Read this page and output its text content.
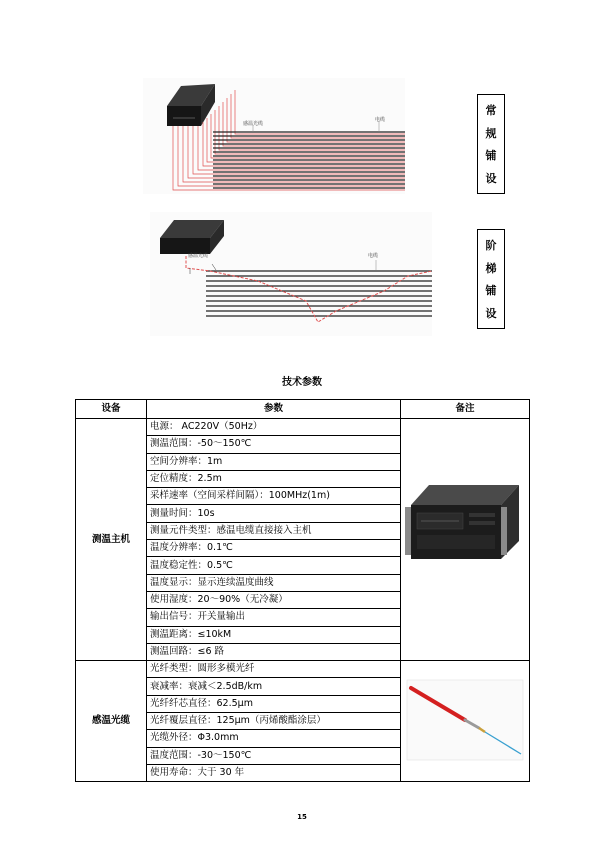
感温光缆
电缆
常
规
铺
设
感温光缆	电缆
阶
梯
铺
设
技术参数
设备	参数	备注
测温主机	电源： AC220V（50Hz）	
	测温范围：-50～150℃	
	空间分辨率：1m	
	定位精度：2.5m	
	采样速率（空间采样间隔）：100MHz(1m)	
	测量时间：10s	
	测量元件类型：感温电缆直接接入主机	
	温度分辨率：0.1℃	
	温度稳定性：0.5℃	
	温度显示：显示连续温度曲线	
	使用湿度：20～90%（无冷凝）	
	输出信号：开关量输出	
	测温距离：≤10kM	
	测温回路：≤6 路	
感温光缆	光纤类型：圆形多模光纤	
	衰减率：衰减＜2.5dB/km	
	光纤纤芯直径：62.5μm	
	光纤覆层直径：125μm（丙烯酸酯涂层）	
	光缆外径：Φ3.0mm	
	温度范围：-30～150℃	
	使用寿命：大于 30 年	
15
